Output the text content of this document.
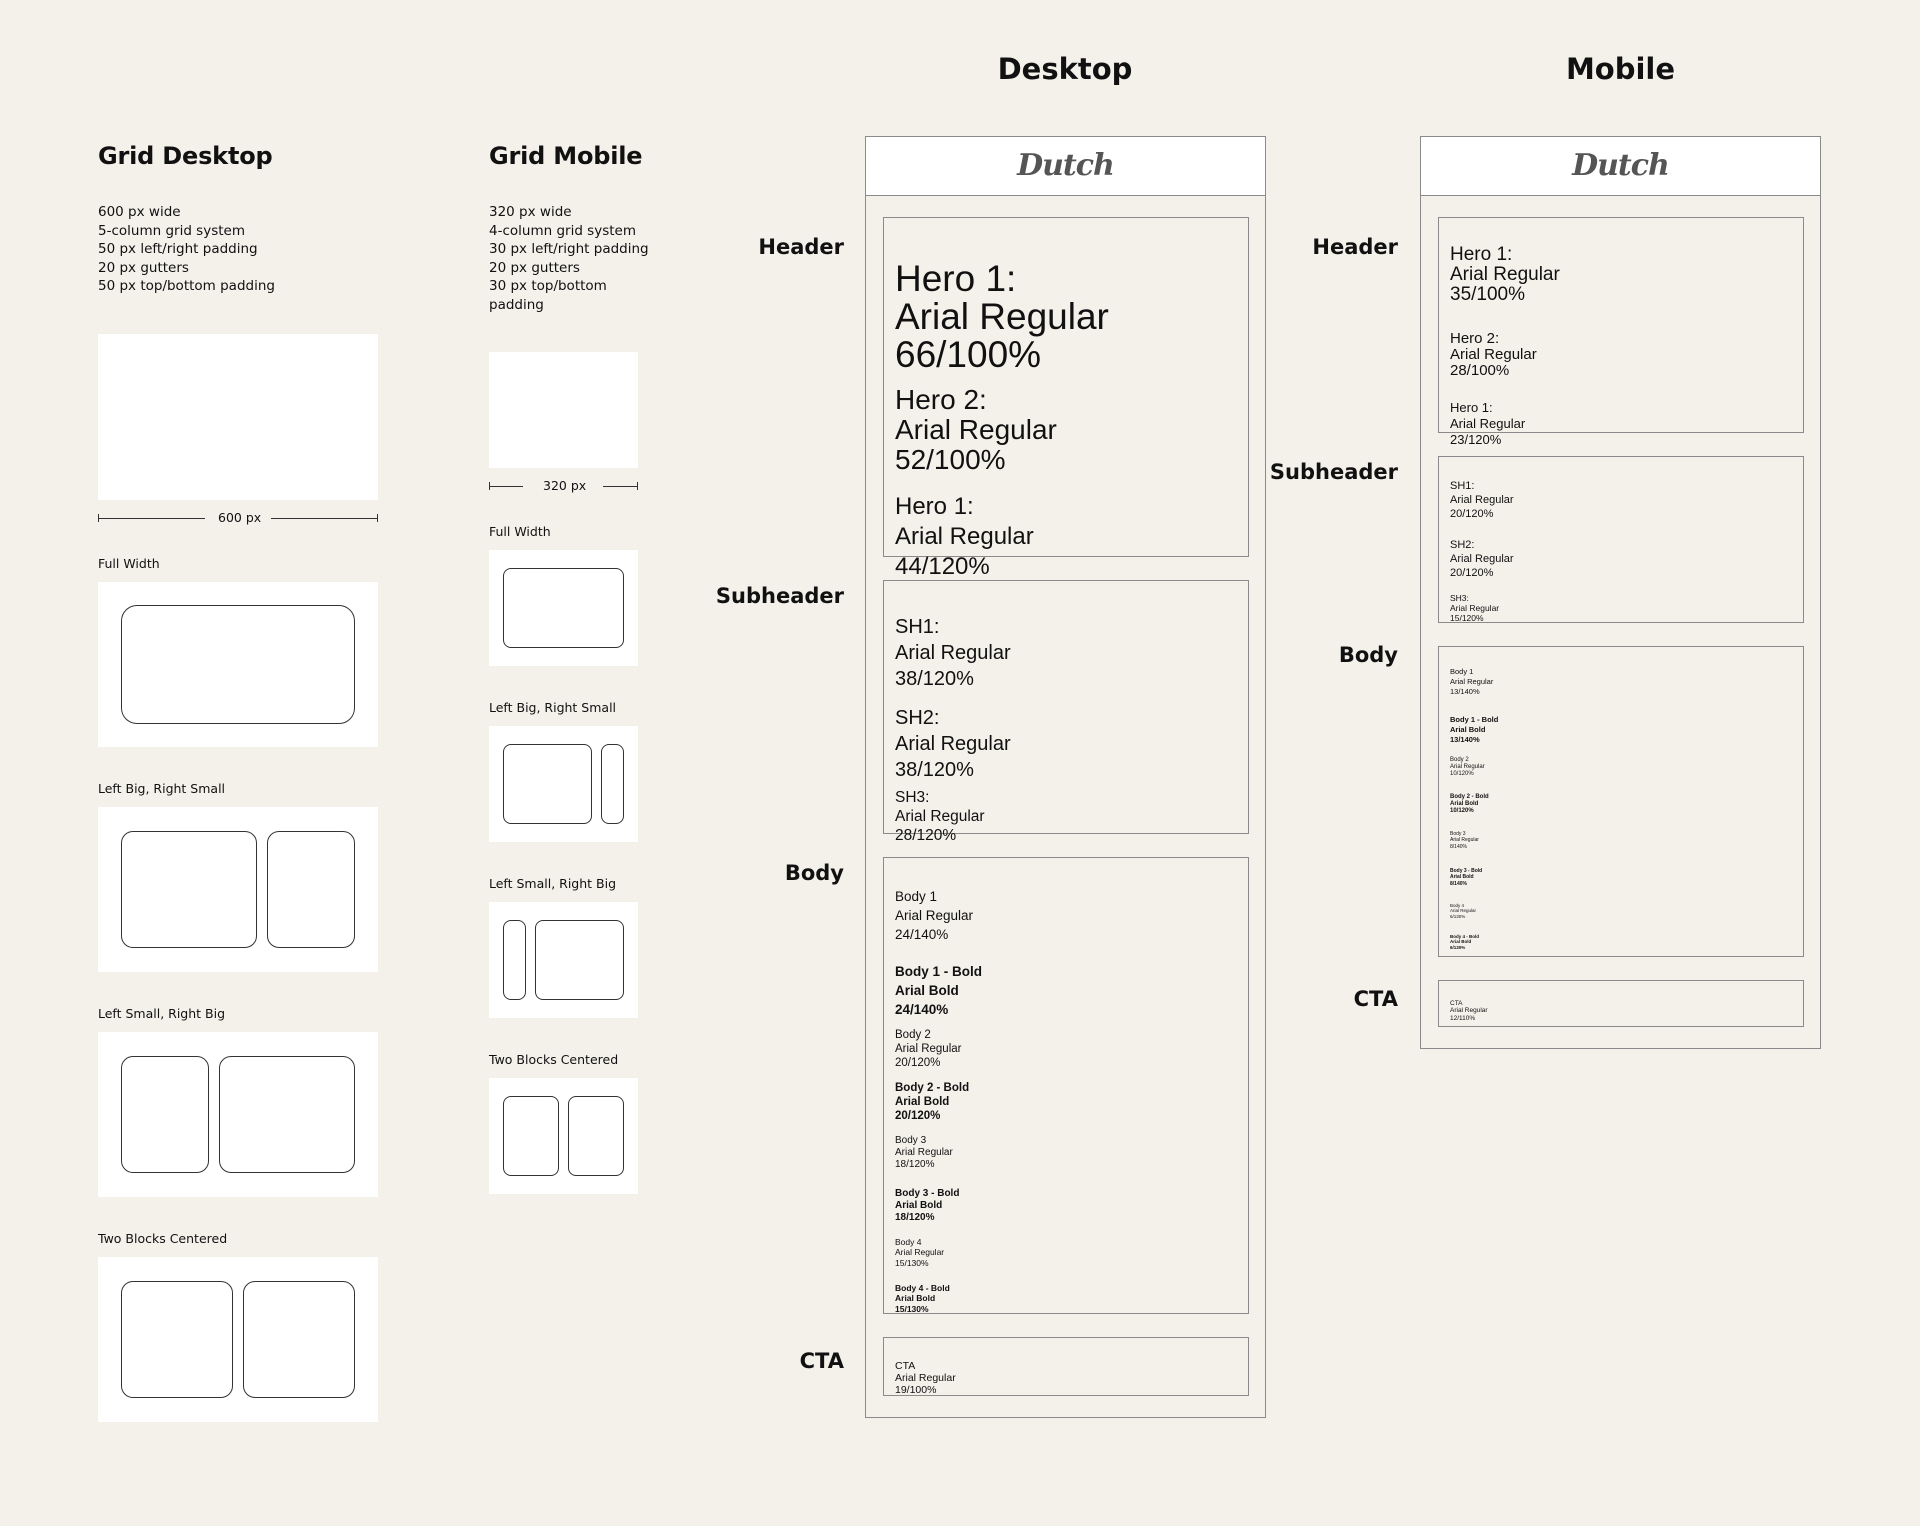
Grid Desktop
600 px wide
5-column grid system
50 px left/right padding
20 px gutters
50 px top/bottom padding
600 px
Full Width
Left Big, Right Small
Left Small, Right Big
Two Blocks Centered
Grid Mobile
320 px wide
4-column grid system
30 px left/right padding
20 px gutters
30 px top/bottom
padding
320 px
Full Width
Left Big, Right Small
Left Small, Right Big
Two Blocks Centered
Desktop
Header
Subheader
Body
CTA
Dutch

Hero 1:
Arial Regular
66/100%

Hero 2:
Arial Regular
52/100%

Hero 1:
Arial Regular
44/120%

SH1:
Arial Regular
38/120%

SH2:
Arial Regular
38/120%

SH3:
Arial Regular
28/120%

Body 1
Arial Regular
24/140%

Body 1 - Bold
Arial Bold
24/140%

Body 2
Arial Regular
20/120%

Body 2 - Bold
Arial Bold
20/120%

Body 3
Arial Regular
18/120%

Body 3 - Bold
Arial Bold
18/120%

Body 4
Arial Regular
15/130%

Body 4 - Bold
Arial Bold
15/130%

CTA
Arial Regular
19/100%

Mobile
Header
Subheader
Body
CTA
Dutch

Hero 1:
Arial Regular
35/100%

Hero 2:
Arial Regular
28/100%

Hero 1:
Arial Regular
23/120%

SH1:
Arial Regular
20/120%

SH2:
Arial Regular
20/120%

SH3:
Arial Regular
15/120%

Body 1
Arial Regular
13/140%

Body 1 - Bold
Arial Bold
13/140%

Body 2
Arial Regular
10/120%

Body 2 - Bold
Arial Bold
10/120%

Body 3
Arial Regular
8/140%

Body 3 - Bold
Arial Bold
8/140%

Body 4
Arial Regular
6/130%

Body 4 - Bold
Arial Bold
6/130%

CTA
Arial Regular
12/110%
